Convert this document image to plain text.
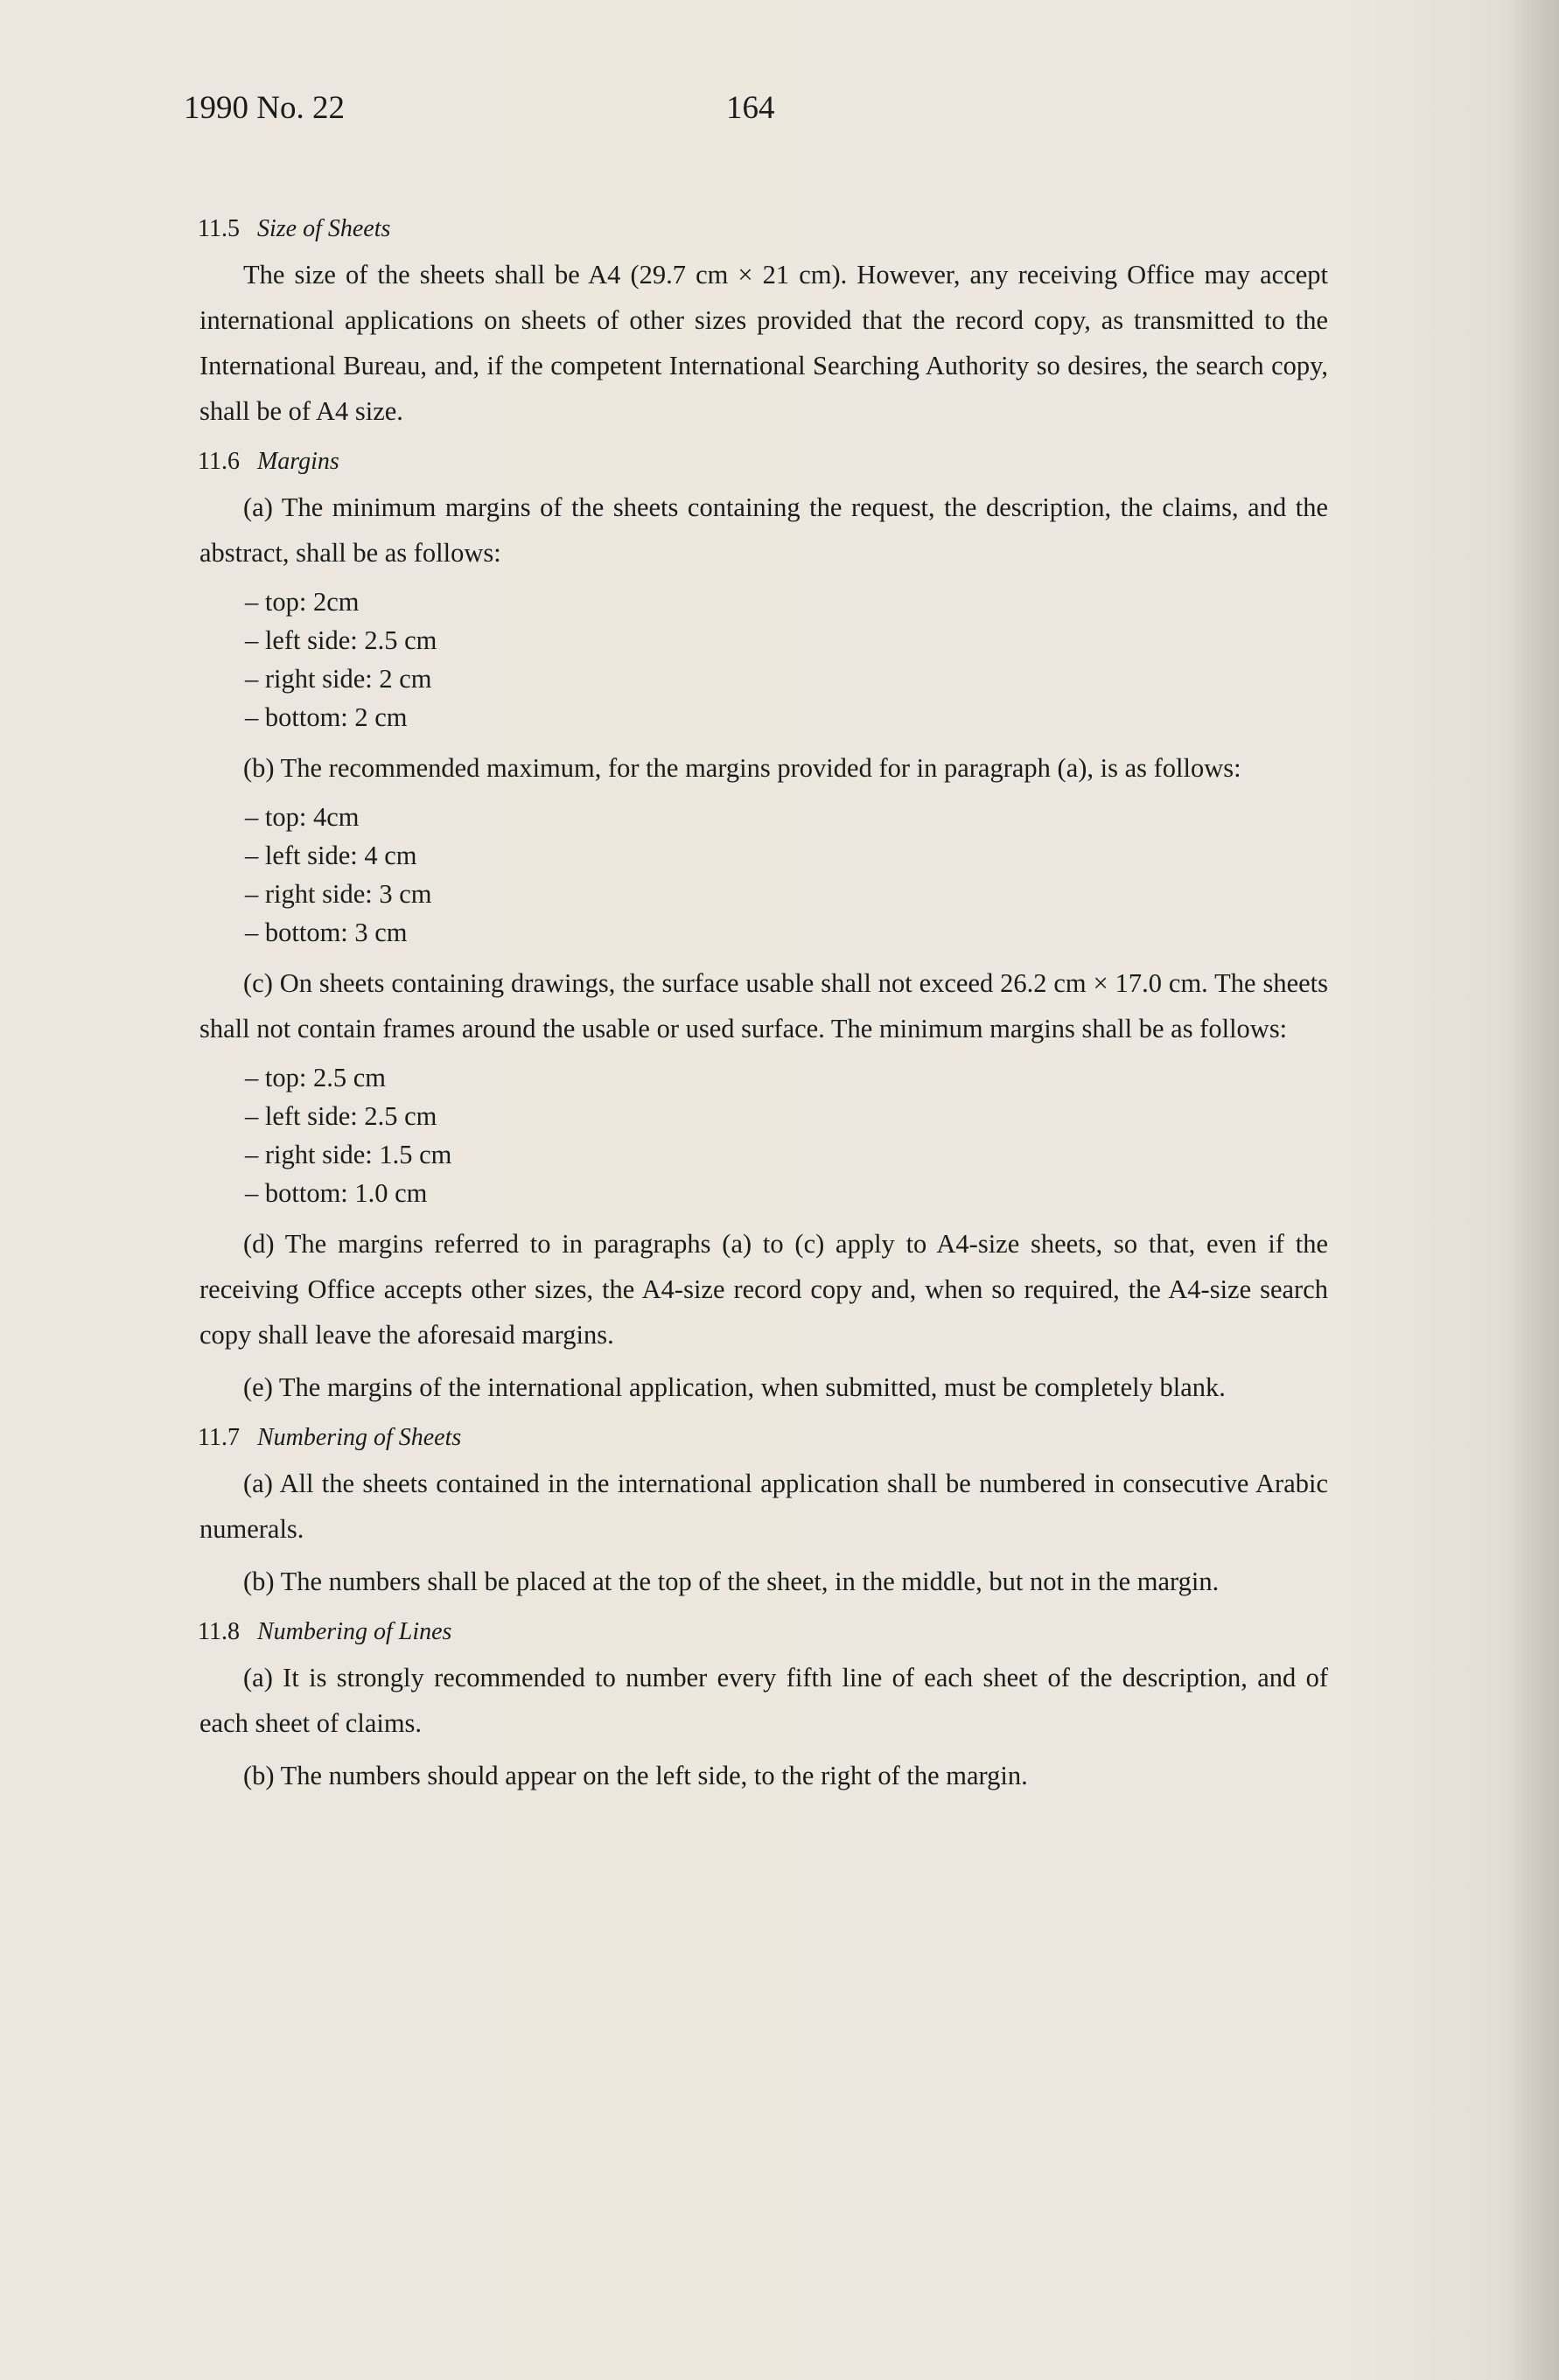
1990 No. 22	164
11.5 Size of Sheets

The size of the sheets shall be A4 (29.7 cm × 21 cm). However, any receiving Office may accept international applications on sheets of other sizes provided that the record copy, as transmitted to the International Bureau, and, if the competent International Searching Authority so desires, the search copy, shall be of A4 size.

11.6 Margins

(a) The minimum margins of the sheets containing the request, the description, the claims, and the abstract, shall be as follows:

– top: 2cm
– left side: 2.5 cm
– right side: 2 cm
– bottom: 2 cm

(b) The recommended maximum, for the margins provided for in paragraph (a), is as follows:

– top: 4cm
– left side: 4 cm
– right side: 3 cm
– bottom: 3 cm

(c) On sheets containing drawings, the surface usable shall not exceed 26.2 cm × 17.0 cm. The sheets shall not contain frames around the usable or used surface. The minimum margins shall be as follows:

– top: 2.5 cm
– left side: 2.5 cm
– right side: 1.5 cm
– bottom: 1.0 cm

(d) The margins referred to in paragraphs (a) to (c) apply to A4-size sheets, so that, even if the receiving Office accepts other sizes, the A4-size record copy and, when so required, the A4-size search copy shall leave the aforesaid margins.

(e) The margins of the international application, when submitted, must be completely blank.

11.7 Numbering of Sheets

(a) All the sheets contained in the international application shall be numbered in consecutive Arabic numerals.

(b) The numbers shall be placed at the top of the sheet, in the middle, but not in the margin.

11.8 Numbering of Lines

(a) It is strongly recommended to number every fifth line of each sheet of the description, and of each sheet of claims.

(b) The numbers should appear on the left side, to the right of the margin.
